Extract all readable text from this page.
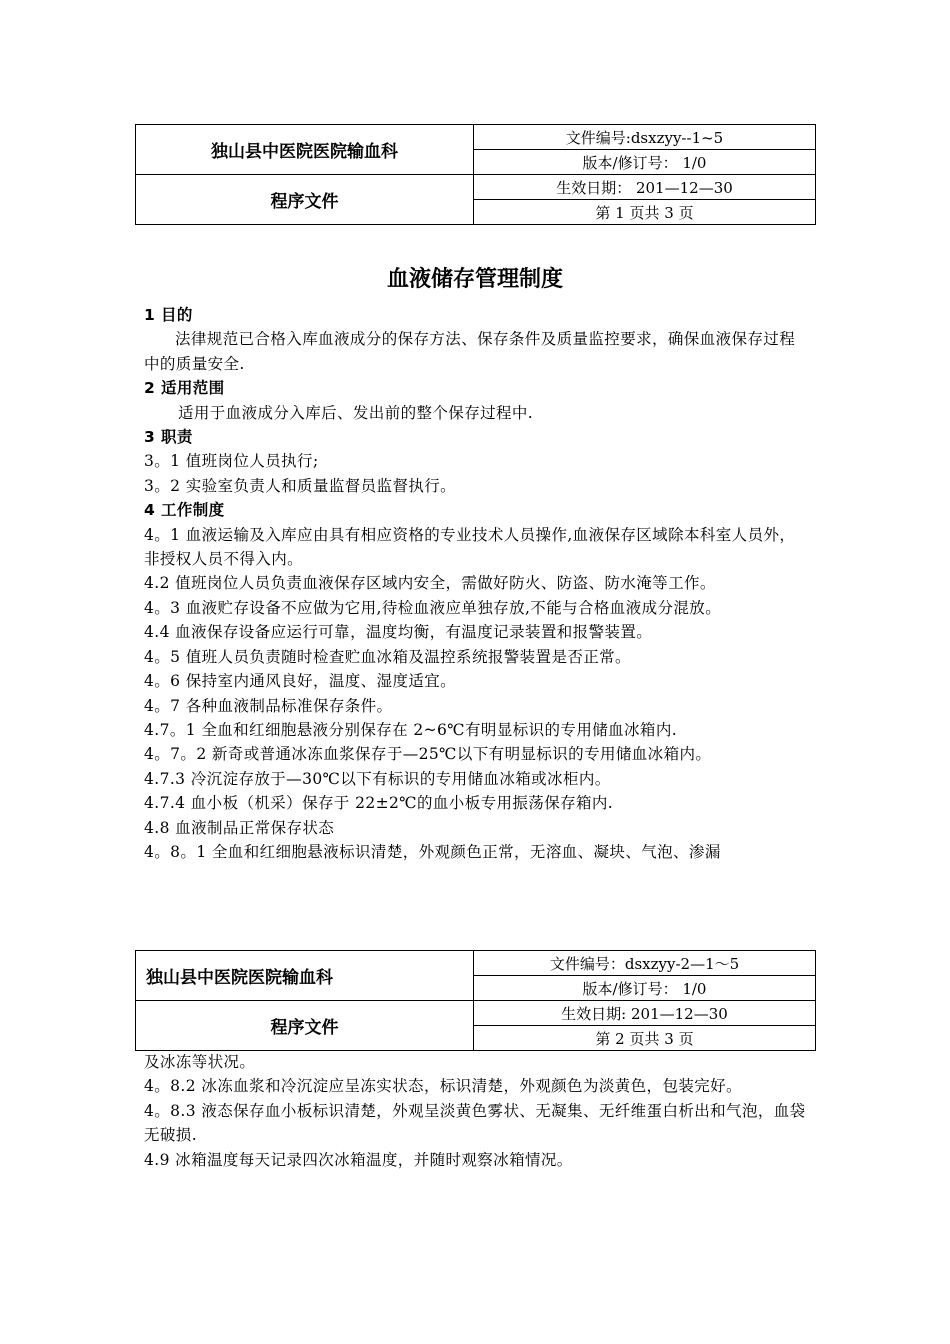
独山县中医院医院输血科	文件编号:dsxzyy--1~5
	版本/修订号： 1/0
程序文件	生效日期： 201—12—30
	第 1 页共 3 页
血液储存管理制度

1 目的

法律规范已合格入库血液成分的保存方法、保存条件及质量监控要求，确保血液保存过程中的质量安全.

2 适用范围

适用于血液成分入库后、发出前的整个保存过程中.

3 职责

3。1 值班岗位人员执行;

3。2 实验室负责人和质量监督员监督执行。

4 工作制度

4。1 血液运输及入库应由具有相应资格的专业技术人员操作,血液保存区域除本科室人员外，非授权人员不得入内。

4.2 值班岗位人员负责血液保存区域内安全，需做好防火、防盗、防水淹等工作。

4。3 血液贮存设备不应做为它用,待检血液应单独存放,不能与合格血液成分混放。

4.4 血液保存设备应运行可靠，温度均衡，有温度记录装置和报警装置。

4。5 值班人员负责随时检查贮血冰箱及温控系统报警装置是否正常。

4。6 保持室内通风良好，温度、湿度适宜。

4。7 各种血液制品标准保存条件。

4.7。1 全血和红细胞悬液分别保存在 2~6℃有明显标识的专用储血冰箱内.

4。7。2 新奇或普通冰冻血浆保存于—25℃以下有明显标识的专用储血冰箱内。

4.7.3 冷沉淀存放于—30℃以下有标识的专用储血冰箱或冰柜内。

4.7.4 血小板（机采）保存于 22±2℃的血小板专用振荡保存箱内.

4.8 血液制品正常保存状态

4。8。1 全血和红细胞悬液标识清楚，外观颜色正常，无溶血、凝块、气泡、渗漏

独山县中医院医院输血科	文件编号：dsxzyy-2—1～5
	版本/修订号： 1/0
程序文件	生效日期: 201—12—30
	第 2 页共 3 页

及冰冻等状况。

4。8.2 冰冻血浆和冷沉淀应呈冻实状态，标识清楚，外观颜色为淡黄色，包装完好。

4。8.3 液态保存血小板标识清楚，外观呈淡黄色雾状、无凝集、无纤维蛋白析出和气泡，血袋无破损.

4.9 冰箱温度每天记录四次冰箱温度，并随时观察冰箱情况。
